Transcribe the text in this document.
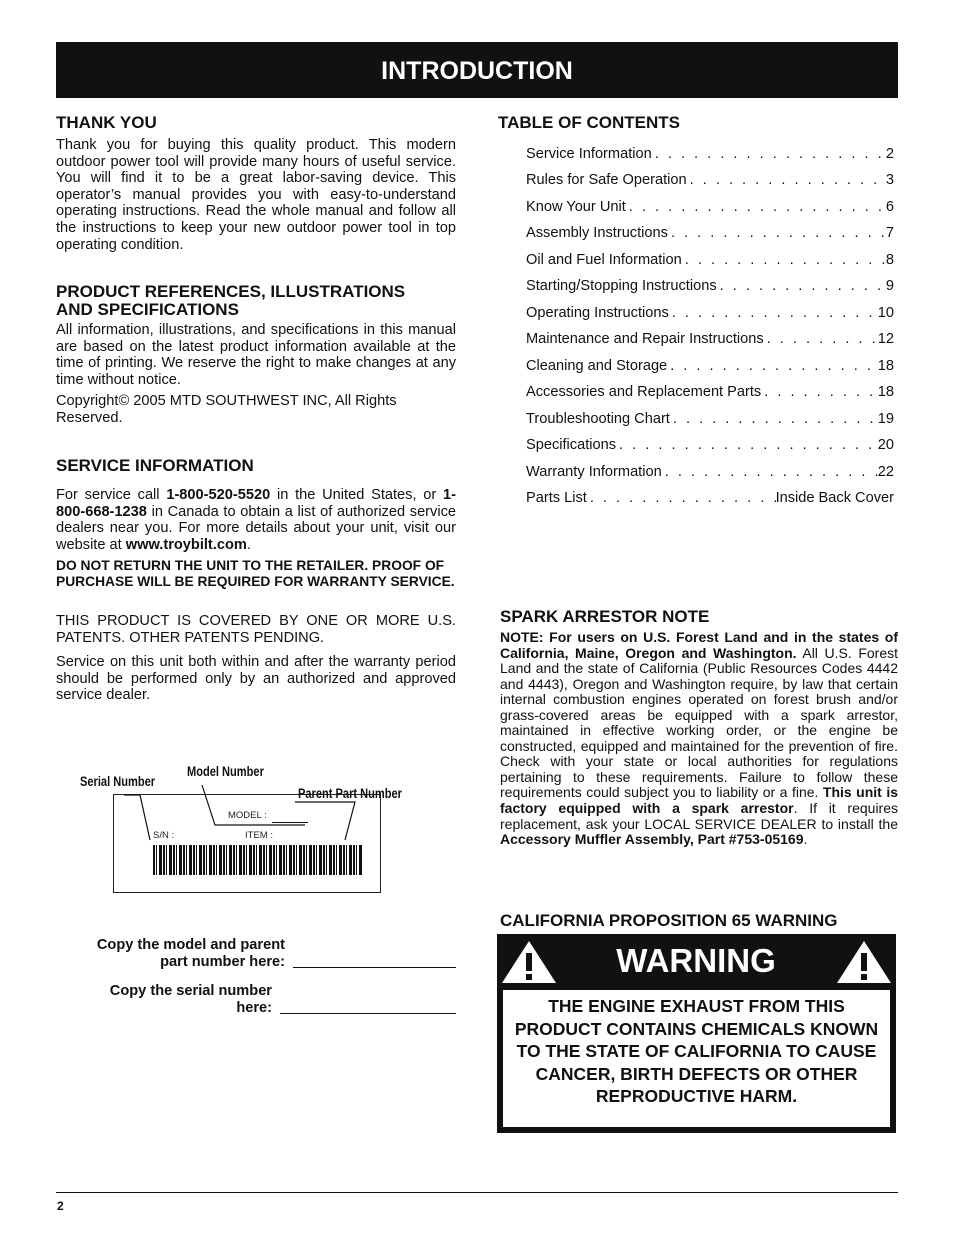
INTRODUCTION
THANK YOU

Thank you for buying this quality product. This modern outdoor power tool will provide many hours of useful service. You will find it to be a great labor-saving device. This operator’s manual provides you with easy-to-understand operating instructions. Read the whole manual and follow all the instructions to keep your new outdoor power tool in top operating condition.

PRODUCT REFERENCES, ILLUSTRATIONS
AND SPECIFICATIONS

All information, illustrations, and specifications in this manual are based on the latest product information available at the time of printing. We reserve the right to make changes at any time without notice.

Copyright© 2005 MTD SOUTHWEST INC, All Rights Reserved.

SERVICE INFORMATION

For service call 1-800-520-5520 in the United States, or 1-800-668-1238 in Canada to obtain a list of authorized service dealers near you. For more details about your unit, visit our website at www.troybilt.com.

DO NOT RETURN THE UNIT TO THE RETAILER. PROOF OF PURCHASE WILL BE REQUIRED FOR WARRANTY SERVICE.

THIS PRODUCT IS COVERED BY ONE OR MORE U.S. PATENTS. OTHER PATENTS PENDING.

Service on this unit both within and after the warranty period should be performed only by an authorized and approved service dealer.

Serial Number
Model Number
Parent Part Number
MODEL :
S/N :	ITEM :
Copy the model and parent
part number here:
Copy the serial number
here:
TABLE OF CONTENTS
Service Information . . .	2
Rules for Safe Operation . . .	3
Know Your Unit . . .	6
Assembly Instructions . . .	7
Oil and Fuel Information . . .	8
Starting/Stopping Instructions . . .	9
Operating Instructions . . .	10
Maintenance and Repair Instructions . . .	12
Cleaning and Storage . . .	18
Accessories and Replacement Parts . . .	18
Troubleshooting Chart . . .	19
Specifications . . .	20
Warranty Information . . .	22
Parts List . . .	Inside Back Cover
SPARK ARRESTOR NOTE

NOTE: For users on U.S. Forest Land and in the states of California, Maine, Oregon and Washington. All U.S. Forest Land and the state of California (Public Resources Codes 4442 and 4443), Oregon and Washington require, by law that certain internal combustion engines operated on forest brush and/or grass-covered areas be equipped with a spark arrestor, maintained in effective working order, or the engine be constructed, equipped and maintained for the prevention of fire. Check with your state or local authorities for regulations pertaining to these requirements. Failure to follow these requirements could subject you to liability or a fine. This unit is factory equipped with a spark arrestor. If it requires replacement, ask your LOCAL SERVICE DEALER to install the Accessory Muffler Assembly, Part #753-05169.

CALIFORNIA PROPOSITION 65 WARNING
WARNING
THE ENGINE EXHAUST FROM THIS PRODUCT CONTAINS CHEMICALS KNOWN TO THE STATE OF CALIFORNIA TO CAUSE CANCER, BIRTH DEFECTS OR OTHER REPRODUCTIVE HARM.
2
